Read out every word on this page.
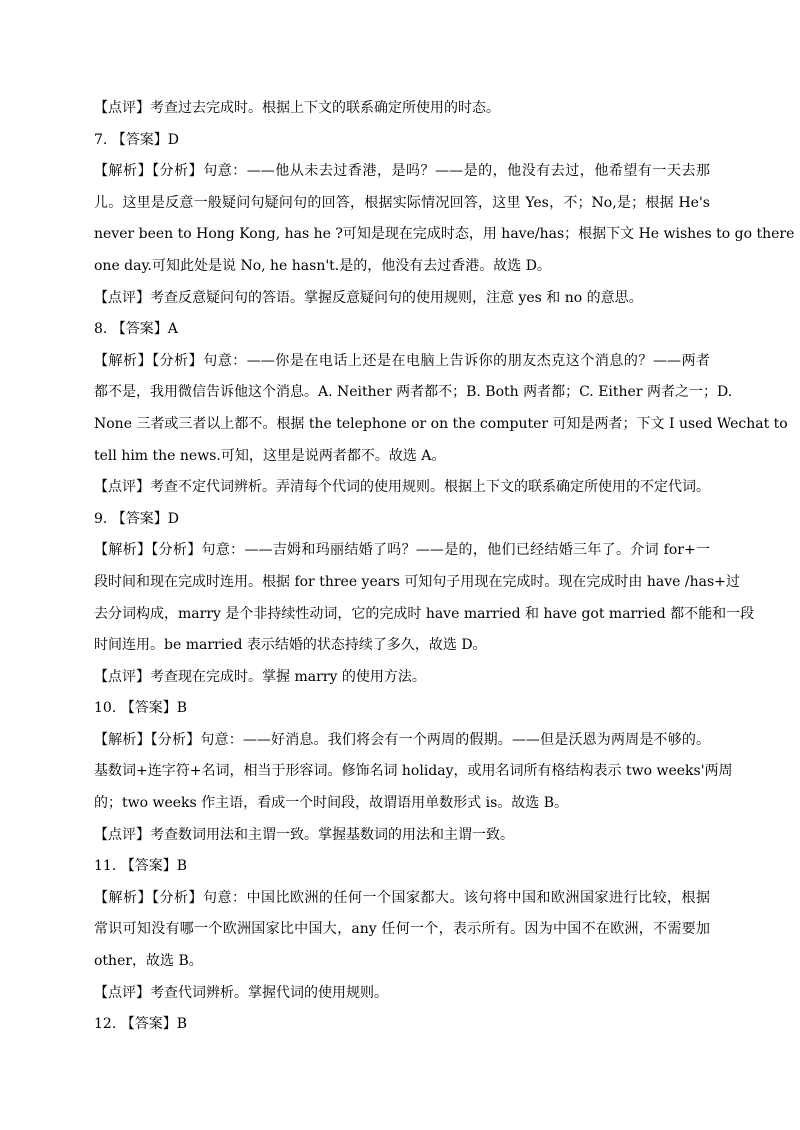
【点评】考查过去完成时。根据上下文的联系确定所使用的时态。
7. 【答案】D
【解析】【分析】句意：——他从未去过香港，是吗？——是的，他没有去过，他希望有一天去那
儿。这里是反意一般疑问句疑问句的回答，根据实际情况回答，这里 Yes，不；No,是；根据 He's
never been to Hong Kong, has he ?可知是现在完成时态，用 have/has；根据下文 He wishes to go there
one day.可知此处是说 No, he hasn't.是的，他没有去过香港。故选 D。
【点评】考查反意疑问句的答语。掌握反意疑问句的使用规则，注意 yes 和 no 的意思。
8. 【答案】A
【解析】【分析】句意：——你是在电话上还是在电脑上告诉你的朋友杰克这个消息的？——两者
都不是，我用微信告诉他这个消息。A. Neither 两者都不；B. Both 两者都；C. Either 两者之一；D.
None 三者或三者以上都不。根据 the telephone or on the computer 可知是两者；下文 I used Wechat to
tell him the news.可知，这里是说两者都不。故选 A。
【点评】考查不定代词辨析。弄清每个代词的使用规则。根据上下文的联系确定所使用的不定代词。
9. 【答案】D
【解析】【分析】句意：——吉姆和玛丽结婚了吗？——是的，他们已经结婚三年了。介词 for+一
段时间和现在完成时连用。根据 for three years 可知句子用现在完成时。现在完成时由 have /has+过
去分词构成，marry 是个非持续性动词，它的完成时 have married 和 have got married 都不能和一段
时间连用。be married 表示结婚的状态持续了多久，故选 D。
【点评】考查现在完成时。掌握 marry 的使用方法。
10. 【答案】B
【解析】【分析】句意：——好消息。我们将会有一个两周的假期。——但是沃恩为两周是不够的。
基数词+连字符+名词，相当于形容词。修饰名词 holiday，或用名词所有格结构表示 two weeks'两周
的；two weeks 作主语，看成一个时间段，故谓语用单数形式 is。故选 B。
【点评】考查数词用法和主谓一致。掌握基数词的用法和主谓一致。
11. 【答案】B
【解析】【分析】句意：中国比欧洲的任何一个国家都大。该句将中国和欧洲国家进行比较，根据
常识可知没有哪一个欧洲国家比中国大，any 任何一个，表示所有。因为中国不在欧洲，不需要加
other，故选 B。
【点评】考查代词辨析。掌握代词的使用规则。
12. 【答案】B
